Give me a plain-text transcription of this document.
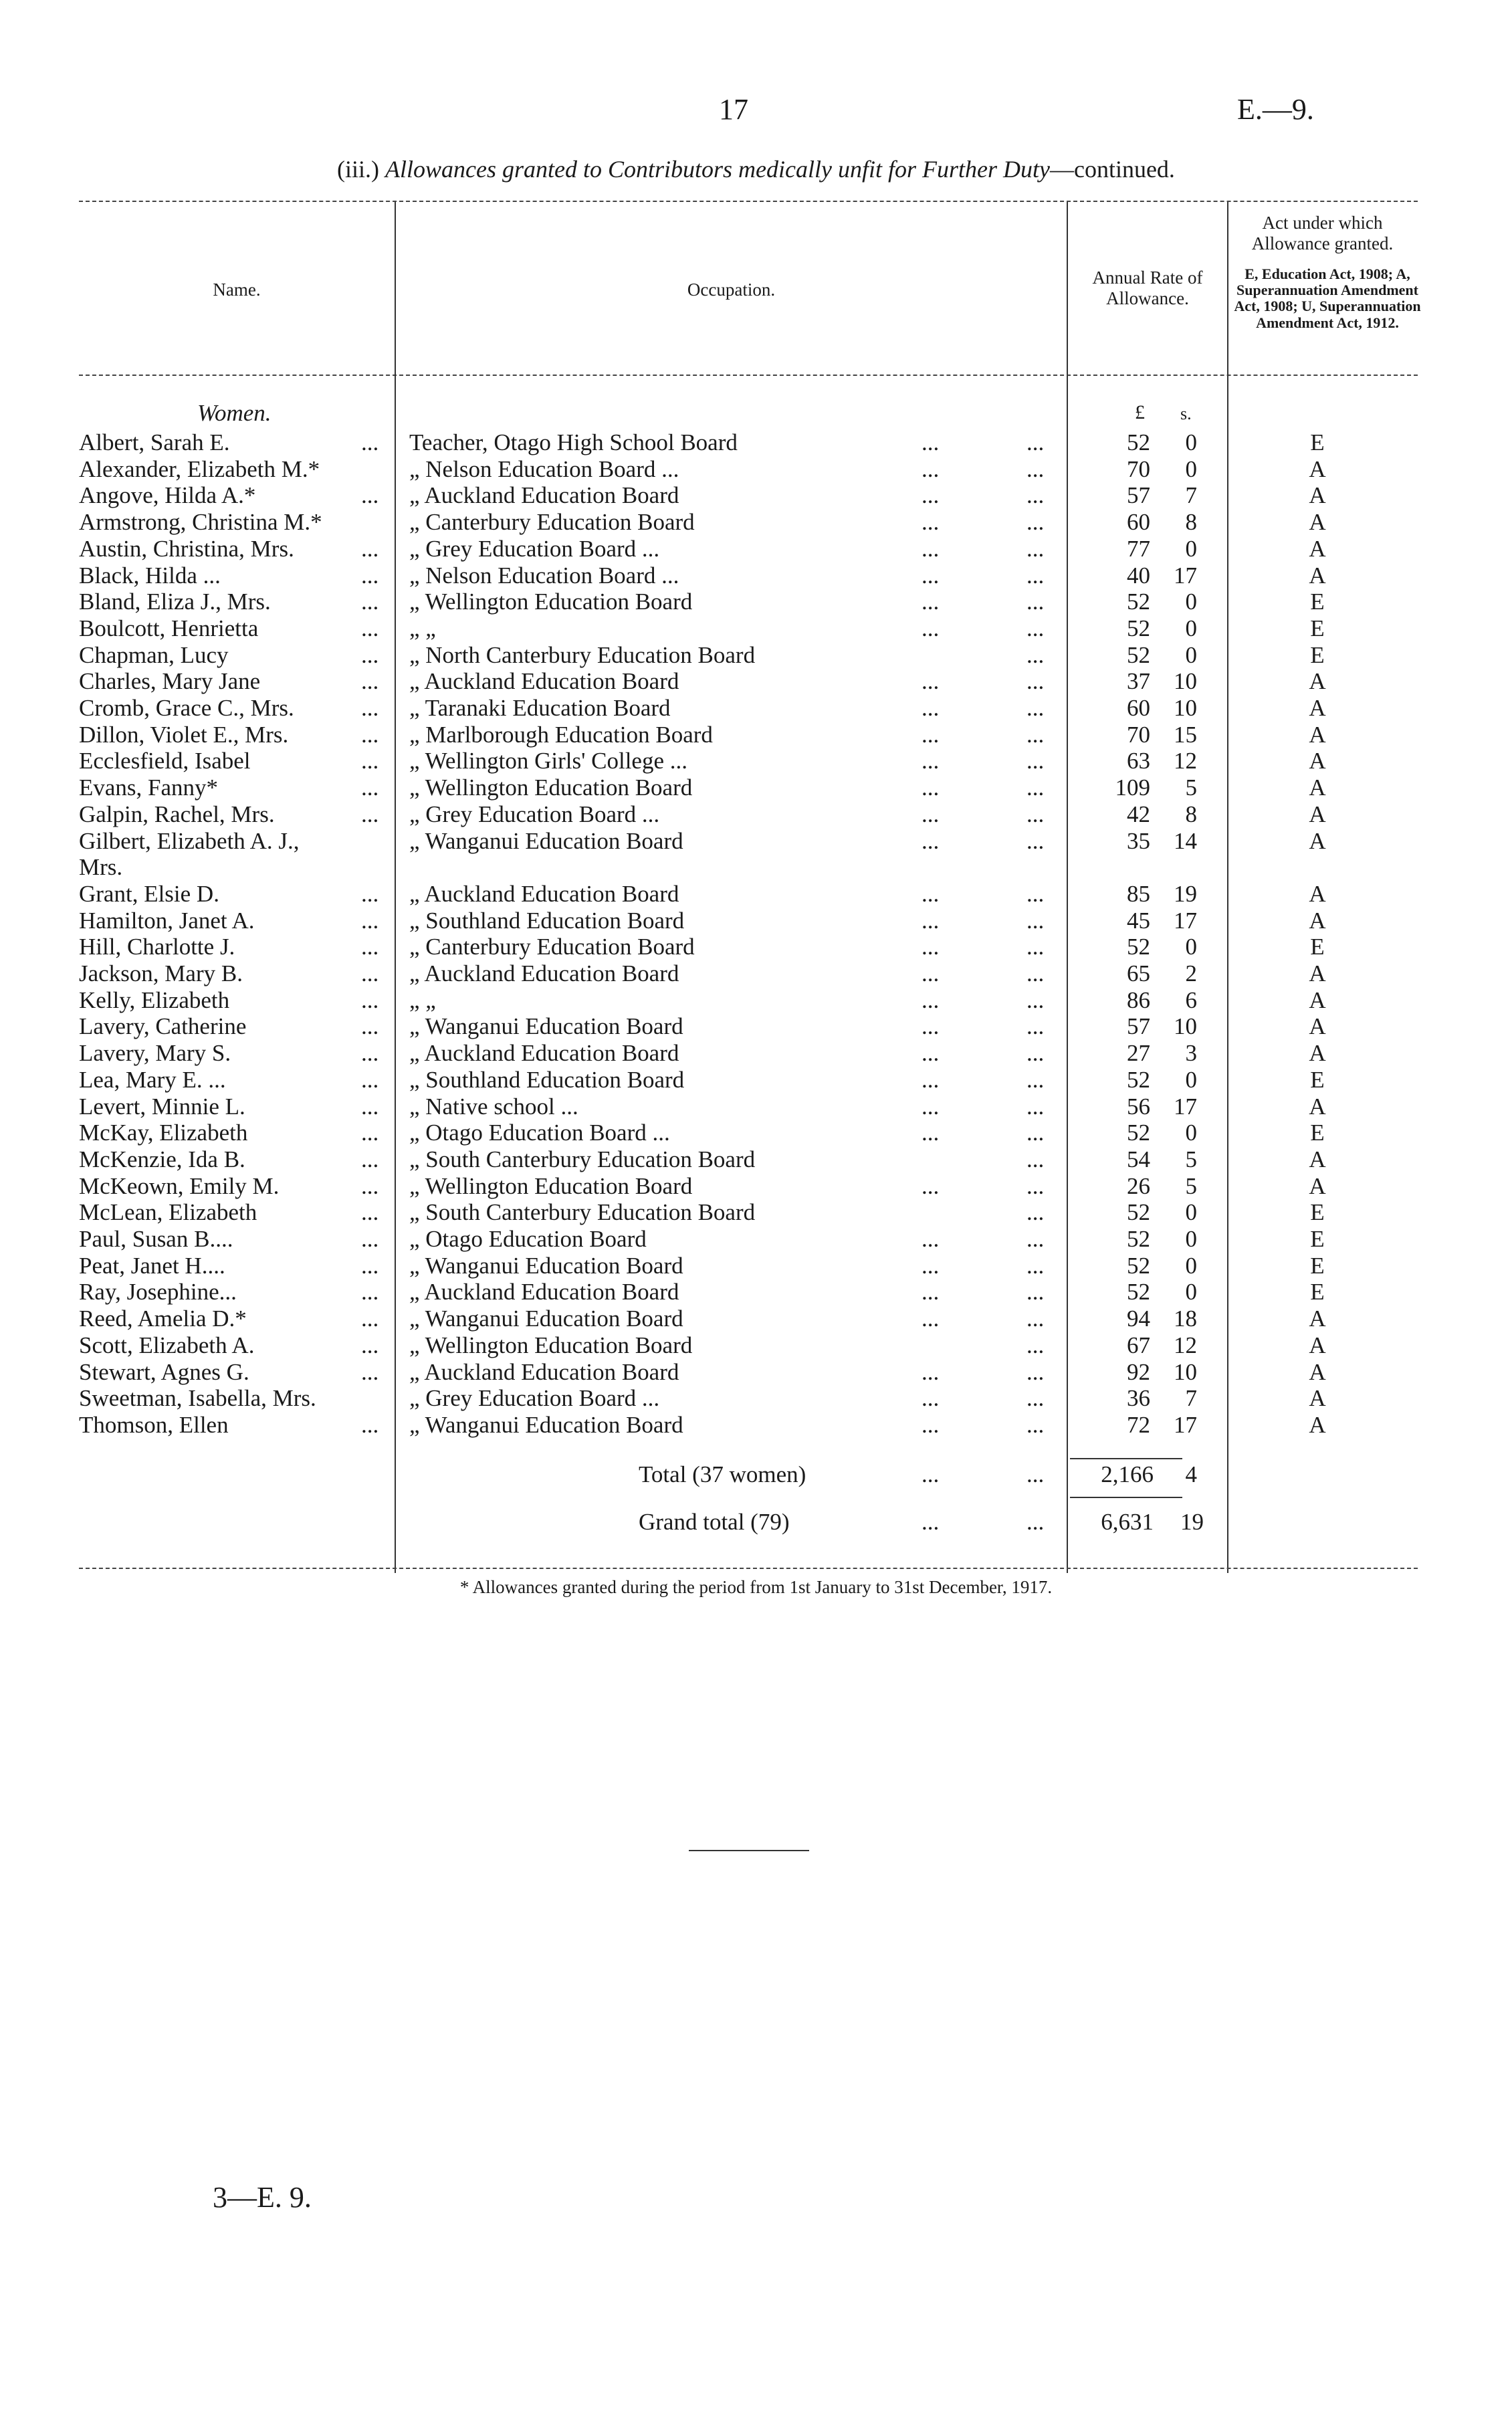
17	E.—9.
(iii.) Allowances granted to Contributors medically unfit for Further Duty—continued.
Name.	Occupation.
Annual Rate of Allowance.
Act under which Allowance granted.
E, Education Act, 1908; A, Superannuation Amendment Act, 1908; U, Superannuation Amendment Act, 1912.
Women.	£ s.
Albert, Sarah E.	... Teacher, Otago High School Board	...	...	52	0	E
Alexander, Elizabeth M.*	„ Nelson Education Board ...	...	...	70	0	A
Angove, Hilda A.*	... „ Auckland Education Board	...	...	57	7	A
Armstrong, Christina M.*	„ Canterbury Education Board	...	...	60	8	A
Austin, Christina, Mrs.	... „ Grey Education Board ...	...	...	77	0	A
Black, Hilda ...	... „ Nelson Education Board ...	...	...	40	17	A
Bland, Eliza J., Mrs.	... „ Wellington Education Board	...	...	52	0	E
Boulcott, Henrietta	... „ „	...	...	52	0	E
Chapman, Lucy	... „ North Canterbury Education Board	...	52	0	E
Charles, Mary Jane	... „ Auckland Education Board	...	...	37	10	A
Cromb, Grace C., Mrs.	... „ Taranaki Education Board	...	...	60	10	A
Dillon, Violet E., Mrs.	... „ Marlborough Education Board	...	...	70	15	A
Ecclesfield, Isabel	... „ Wellington Girls' College ...	...	...	63	12	A
Evans, Fanny*	... „ Wellington Education Board	...	...	109	5	A
Galpin, Rachel, Mrs.	... „ Grey Education Board ...	...	...	42	8	A
Gilbert, Elizabeth A. J.,	„ Wanganui Education Board	...	...	35	14	A
Mrs.
Grant, Elsie D.	... „ Auckland Education Board	...	...	85	19	A
Hamilton, Janet A.	... „ Southland Education Board	...	...	45	17	A
Hill, Charlotte J.	... „ Canterbury Education Board	...	...	52	0	E
Jackson, Mary B.	... „ Auckland Education Board	...	...	65	2	A
Kelly, Elizabeth	... „ „	...	...	86	6	A
Lavery, Catherine	... „ Wanganui Education Board	...	...	57	10	A
Lavery, Mary S.	... „ Auckland Education Board	...	...	27	3	A
Lea, Mary E. ...	... „ Southland Education Board	...	...	52	0	E
Levert, Minnie L.	... „ Native school ...	...	...	56	17	A
McKay, Elizabeth	... „ Otago Education Board ...	...	...	52	0	E
McKenzie, Ida B.	... „ South Canterbury Education Board	...	54	5	A
McKeown, Emily M.	... „ Wellington Education Board	...	...	26	5	A
McLean, Elizabeth	... „ South Canterbury Education Board	...	52	0	E
Paul, Susan B....	... „ Otago Education Board	...	...	52	0	E
Peat, Janet H....	... „ Wanganui Education Board	...	...	52	0	E
Ray, Josephine...	... „ Auckland Education Board	...	...	52	0	E
Reed, Amelia D.*	... „ Wanganui Education Board	...	...	94	18	A
Scott, Elizabeth A.	... „ Wellington Education Board	...	67	12	A
Stewart, Agnes G.	... „ Auckland Education Board	...	...	92	10	A
Sweetman, Isabella, Mrs.	„ Grey Education Board ...	...	...	36	7	A
Thomson, Ellen	... „ Wanganui Education Board	...	...	72	17	A
Total (37 women)	...	...	2,166	4
Grand total (79)	...	...	6,631	19
* Allowances granted during the period from 1st January to 31st December, 1917.
3—E. 9.
